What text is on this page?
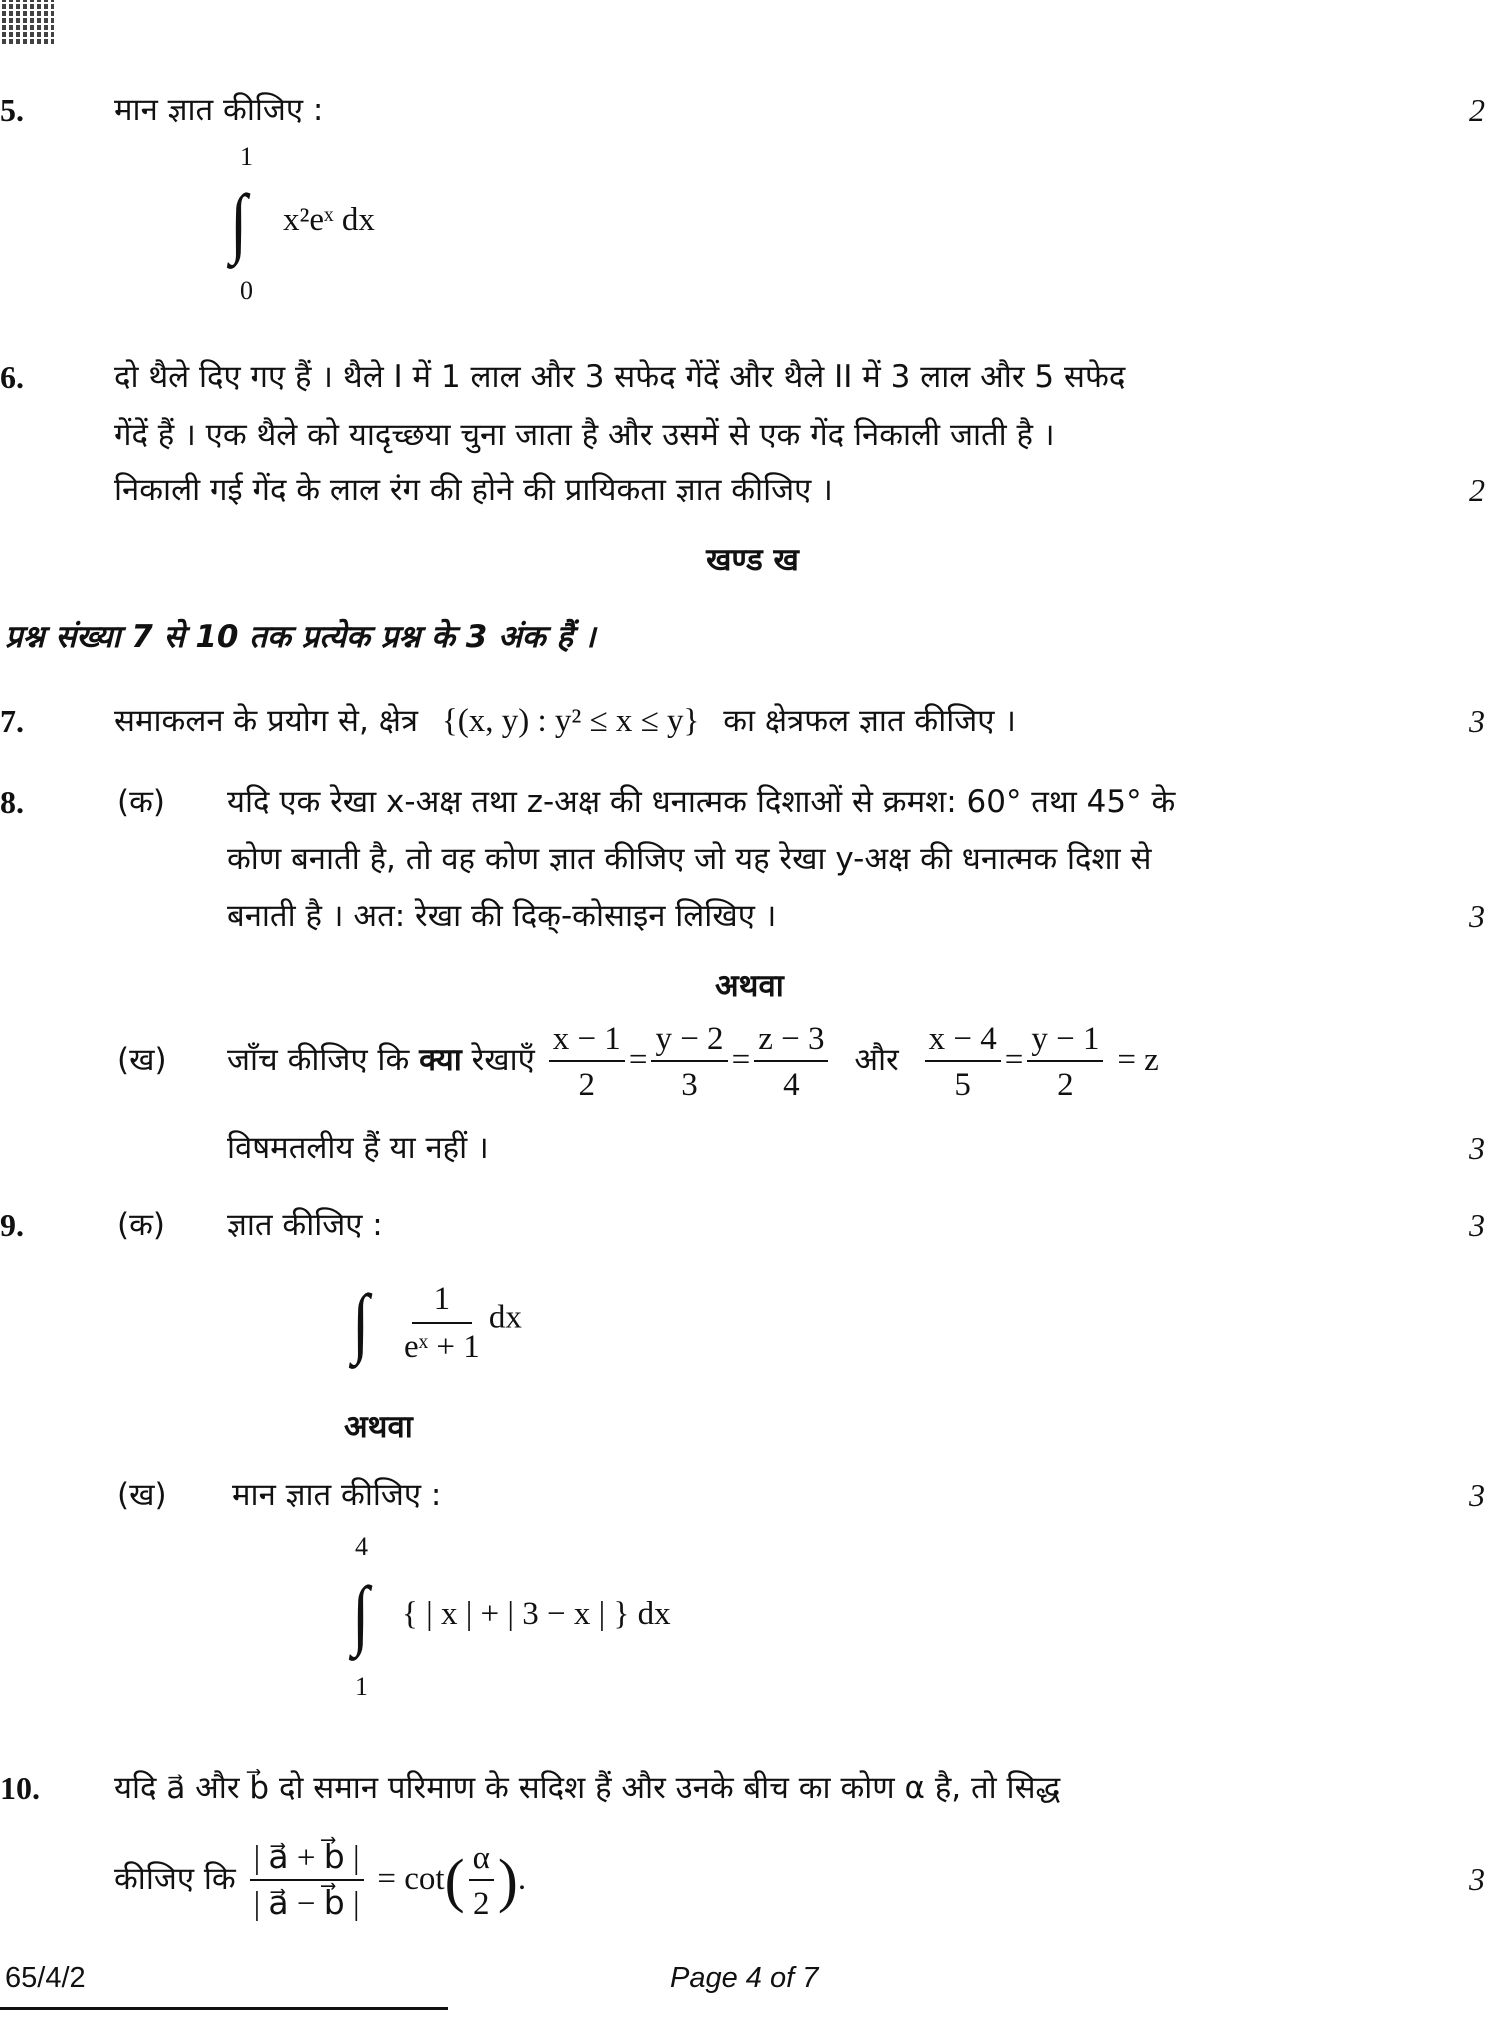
5.	मान ज्ञात कीजिए :	2
1
∫
0
x²eˣ dx
6.	दो थैले दिए गए हैं । थैले I में 1 लाल और 3 सफेद गेंदें और थैले II में 3 लाल और 5 सफेद
गेंदें हैं । एक थैले को यादृच्छया चुना जाता है और उसमें से एक गेंद निकाली जाती है ।
निकाली गई गेंद के लाल रंग की होने की प्रायिकता ज्ञात कीजिए ।	2
खण्ड ख
प्रश्न संख्या 7 से 10 तक प्रत्येक प्रश्न के 3 अंक हैं ।
7.	समाकलन के प्रयोग से, क्षेत्र {(x, y) : y² ≤ x ≤ y} का क्षेत्रफल ज्ञात कीजिए ।	3
8.	(क) यदि एक रेखा x-अक्ष तथा z-अक्ष की धनात्मक दिशाओं से क्रमश: 60° तथा 45° के
कोण बनाती है, तो वह कोण ज्ञात कीजिए जो यह रेखा y-अक्ष की धनात्मक दिशा से
बनाती है । अत: रेखा की दिक्-कोसाइन लिखिए ।	3
अथवा
(ख) जाँच कीजिए कि क्या रेखाएँ $\frac{x - 1}{2} = \frac{y - 2}{3} = \frac{z - 3}{4}$ और $\frac{x - 4}{5} = \frac{y - 1}{2} = z$
विषमतलीय हैं या नहीं ।	3
9.	(क) ज्ञात कीजिए :	3
∫ $\frac{1}{\text{eˣ + 1}}$ dx
अथवा
(ख) मान ज्ञात कीजिए :	3
4
∫
1
{ | x | + | 3 − x | } dx
10. यदि a⃗ और b⃗ दो समान परिमाण के सदिश हैं और उनके बीच का कोण α है, तो सिद्ध
कीजिए कि $\frac{| a⃗ + b⃗ |}{| a⃗ - b⃗ |} = \cot( \frac{\alpha}{2}$ ).	3
65/4/2	Page 4 of 7
